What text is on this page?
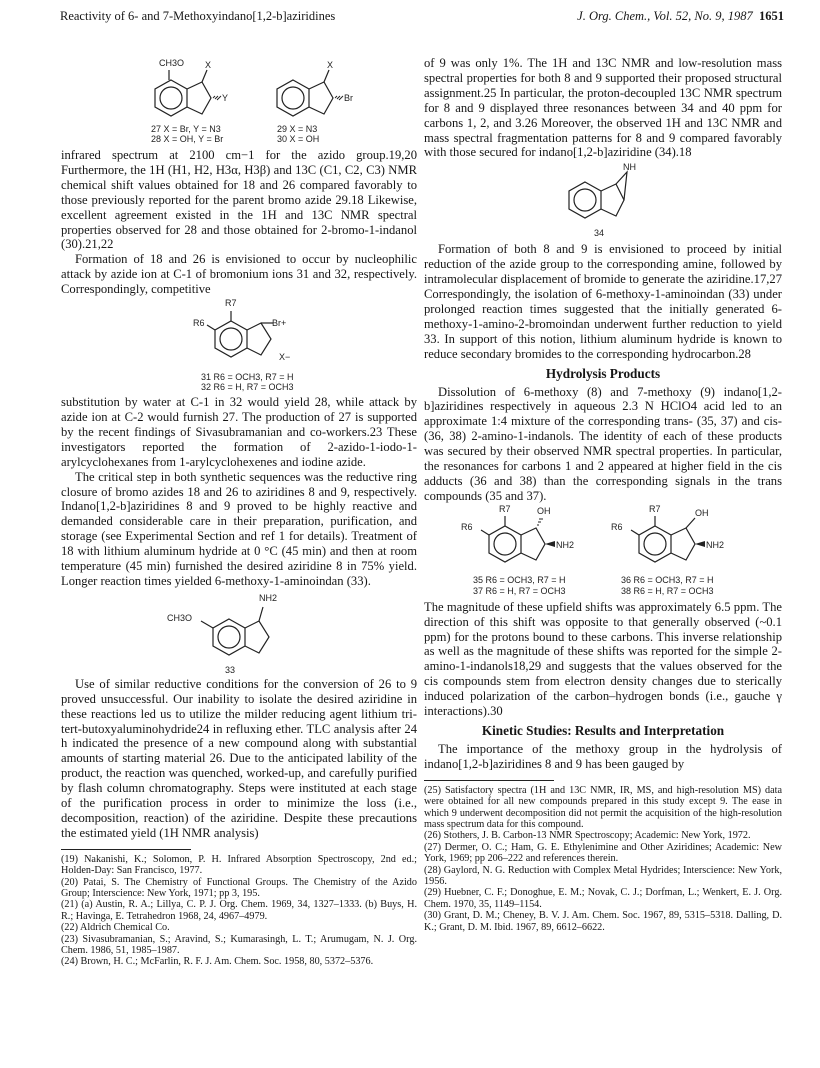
Reactivity of 6- and 7-Methoxyindano[1,2-b]aziridines	J. Org. Chem., Vol. 52, No. 9, 1987 1651
CH3O X
Y
X
Br
27 X = Br, Y = N3
28 X = OH, Y = Br
29 X = N3
30 X = OH

infrared spectrum at 2100 cm−1 for the azido group.19,20 Furthermore, the 1H (H1, H2, H3α, H3β) and 13C (C1, C2, C3) NMR chemical shift values obtained for 18 and 26 compared favorably to those previously reported for the parent bromo azide 29.18 Likewise, excellent agreement existed in the 1H and 13C NMR spectral properties observed for 28 and those obtained for 2-bromo-1-indanol (30).21,22

Formation of 18 and 26 is envisioned to occur by nucleophilic attack by azide ion at C-1 of bromonium ions 31 and 32, respectively. Correspondingly, competitive

R7
R6	Br+
X−
31 R6 = OCH3, R7 = H
32 R6 = H, R7 = OCH3

substitution by water at C-1 in 32 would yield 28, while attack by azide ion at C-2 would furnish 27. The production of 27 is supported by the recent findings of Sivasubramanian and co-workers.23 These investigators reported the formation of 2-azido-1-iodo-1-arylcyclohexanes from 1-arylcyclohexenes and iodine azide.

The critical step in both synthetic sequences was the reductive ring closure of bromo azides 18 and 26 to aziridines 8 and 9, respectively. Indano[1,2-b]aziridines 8 and 9 proved to be highly reactive and demanded considerable care in their preparation, purification, and storage (see Experimental Section and ref 1 for details). Treatment of 18 with lithium aluminum hydride at 0 °C (45 min) and then at room temperature (45 min) furnished the desired aziridine 8 in 75% yield. Longer reaction times yielded 6-methoxy-1-aminoindan (33).

NH2
CH3O
33

Use of similar reductive conditions for the conversion of 26 to 9 proved unsuccessful. Our inability to isolate the desired aziridine in these reactions led us to utilize the milder reducing agent lithium tri-tert-butoxyaluminohydride24 in refluxing ether. TLC analysis after 24 h indicated the presence of a new compound along with substantial amounts of starting material 26. Due to the anticipated lability of the product, the reaction was quenched, worked-up, and carefully purified by flash column chromatography. Steps were instituted at each stage of the purification process in order to minimize the loss (i.e., decomposition, reaction) of the aziridine. Despite these precautions the estimated yield (1H NMR analysis)

(19) Nakanishi, K.; Solomon, P. H. Infrared Absorption Spectroscopy, 2nd ed.; Holden-Day: San Francisco, 1977.
(20) Patai, S. The Chemistry of Functional Groups. The Chemistry of the Azido Group; Interscience: New York, 1971; pp 3, 195.
(21) (a) Austin, R. A.; Lillya, C. P. J. Org. Chem. 1969, 34, 1327–1333. (b) Buys, H. R.; Havinga, E. Tetrahedron 1968, 24, 4967–4979.
(22) Aldrich Chemical Co.
(23) Sivasubramanian, S.; Aravind, S.; Kumarasingh, L. T.; Arumugam, N. J. Org. Chem. 1986, 51, 1985–1987.
(24) Brown, H. C.; McFarlin, R. F. J. Am. Chem. Soc. 1958, 80, 5372–5376.

of 9 was only 1%. The 1H and 13C NMR and low-resolution mass spectral properties for both 8 and 9 supported their proposed structural assignment.25 In particular, the proton-decoupled 13C NMR spectrum for 8 and 9 displayed three resonances between 34 and 40 ppm for carbons 1, 2, and 3.26 Moreover, the observed 1H and 13C NMR and mass spectral fragmentation patterns for 8 and 9 compared favorably with those secured for indano[1,2-b]aziridine (34).18

NH
34

Formation of both 8 and 9 is envisioned to proceed by initial reduction of the azide group to the corresponding amine, followed by intramolecular displacement of bromide to generate the aziridine.17,27 Correspondingly, the isolation of 6-methoxy-1-aminoindan (33) under prolonged reaction times suggested that the initially generated 6-methoxy-1-amino-2-bromoindan underwent further reduction to yield 33. In support of this notion, lithium aluminum hydride is known to reduce secondary bromides to the corresponding hydrocarbon.28

Hydrolysis Products

Dissolution of 6-methoxy (8) and 7-methoxy (9) indano[1,2-b]aziridines respectively in aqueous 2.3 N HClO4 acid led to an approximate 1:4 mixture of the corresponding trans- (35, 37) and cis- (36, 38) 2-amino-1-indanols. The identity of each of these products was secured by their observed NMR spectral properties. In particular, the resonances for carbons 1 and 2 appeared at higher field in the cis adducts (36 and 38) than the corresponding signals in the trans compounds (35 and 37).

R7
R6
OH
NH2
R7
R6
OH
NH2
35 R6 = OCH3, R7 = H
37 R6 = H, R7 = OCH3
36 R6 = OCH3, R7 = H
38 R6 = H, R7 = OCH3

The magnitude of these upfield shifts was approximately 6.5 ppm. The direction of this shift was opposite to that generally observed (~0.1 ppm) for the protons bound to these carbons. This inverse relationship as well as the magnitude of these shifts was reported for the simple 2-amino-1-indanols18,29 and suggests that the values observed for the cis compounds stem from electron density changes due to sterically induced polarization of the carbon–hydrogen bonds (i.e., gauche γ interactions).30

Kinetic Studies: Results and Interpretation

The importance of the methoxy group in the hydrolysis of indano[1,2-b]aziridines 8 and 9 has been gauged by

(25) Satisfactory spectra (1H and 13C NMR, IR, MS, and high-resolution MS) data were obtained for all new compounds prepared in this study except 9. The ease in which 9 underwent decomposition did not permit the acquisition of the high-resolution mass spectrum data for this compound.
(26) Stothers, J. B. Carbon-13 NMR Spectroscopy; Academic: New York, 1972.
(27) Dermer, O. C.; Ham, G. E. Ethylenimine and Other Aziridines; Academic: New York, 1969; pp 206–222 and references therein.
(28) Gaylord, N. G. Reduction with Complex Metal Hydrides; Interscience: New York, 1956.
(29) Huebner, C. F.; Donoghue, E. M.; Novak, C. J.; Dorfman, L.; Wenkert, E. J. Org. Chem. 1970, 35, 1149–1154.
(30) Grant, D. M.; Cheney, B. V. J. Am. Chem. Soc. 1967, 89, 5315–5318. Dalling, D. K.; Grant, D. M. Ibid. 1967, 89, 6612–6622.
